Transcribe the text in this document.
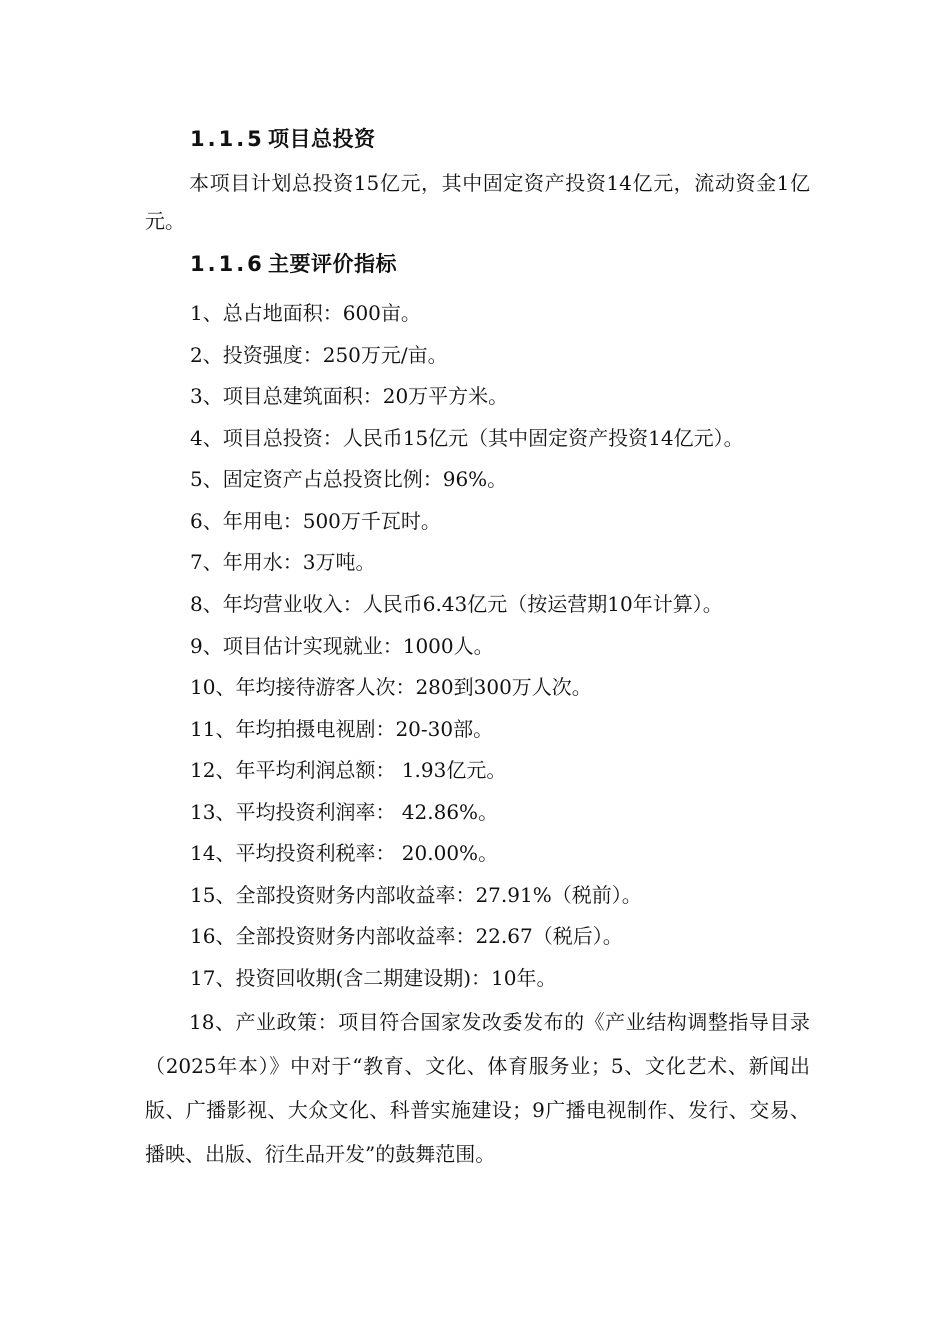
1.1.5 项目总投资

本项目计划总投资15亿元，其中固定资产投资14亿元，流动资金1亿元。

1.1.6 主要评价指标
1、总占地面积：600亩。
2、投资强度：250万元/亩。
3、项目总建筑面积：20万平方米。
4、项目总投资：人民币15亿元（其中固定资产投资14亿元）。
5、固定资产占总投资比例：96%。
6、年用电：500万千瓦时。
7、年用水：3万吨。
8、年均营业收入：人民币6.43亿元（按运营期10年计算）。
9、项目估计实现就业：1000人。
10、年均接待游客人次：280到300万人次。
11、年均拍摄电视剧：20-30部。
12、年平均利润总额： 1.93亿元。
13、平均投资利润率： 42.86%。
14、平均投资利税率： 20.00%。
15、全部投资财务内部收益率：27.91%（税前）。
16、全部投资财务内部收益率：22.67（税后）。
17、投资回收期(含二期建设期)：10年。

18、产业政策：项目符合国家发改委发布的《产业结构调整指导目录（2025年本）》中对于“教育、文化、体育服务业；5、文化艺术、新闻出版、广播影视、大众文化、科普实施建设；9广播电视制作、发行、交易、播映、出版、衍生品开发”的鼓舞范围。
